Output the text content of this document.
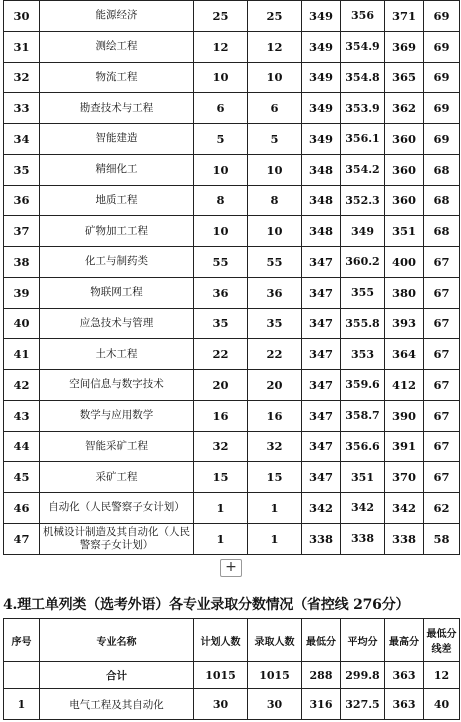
30	能源经济	25	25	349	356	371	69
31	测绘工程	12	12	349	354.9	369	69
32	物流工程	10	10	349	354.8	365	69
33	勘查技术与工程	6	6	349	353.9	362	69
34	智能建造	5	5	349	356.1	360	69
35	精细化工	10	10	348	354.2	360	68
36	地质工程	8	8	348	352.3	360	68
37	矿物加工工程	10	10	348	349	351	68
38	化工与制药类	55	55	347	360.2	400	67
39	物联网工程	36	36	347	355	380	67
40	应急技术与管理	35	35	347	355.8	393	67
41	土木工程	22	22	347	353	364	67
42	空间信息与数字技术	20	20	347	359.6	412	67
43	数学与应用数学	16	16	347	358.7	390	67
44	智能采矿工程	32	32	347	356.6	391	67
45	采矿工程	15	15	347	351	370	67
46	自动化（人民警察子女计划）	1	1	342	342	342	62
47	机械设计制造及其自动化（人民警察子女计划）	1	1	338	338	338	58
+
4.理工单列类（选考外语）各专业录取分数情况（省控线 276分）
序号	专业名称	计划人数	录取人数	最低分	平均分	最高分	最低分线差
	合计	1015	1015	288	299.8	363	12
1	电气工程及其自动化	30	30	316	327.5	363	40
